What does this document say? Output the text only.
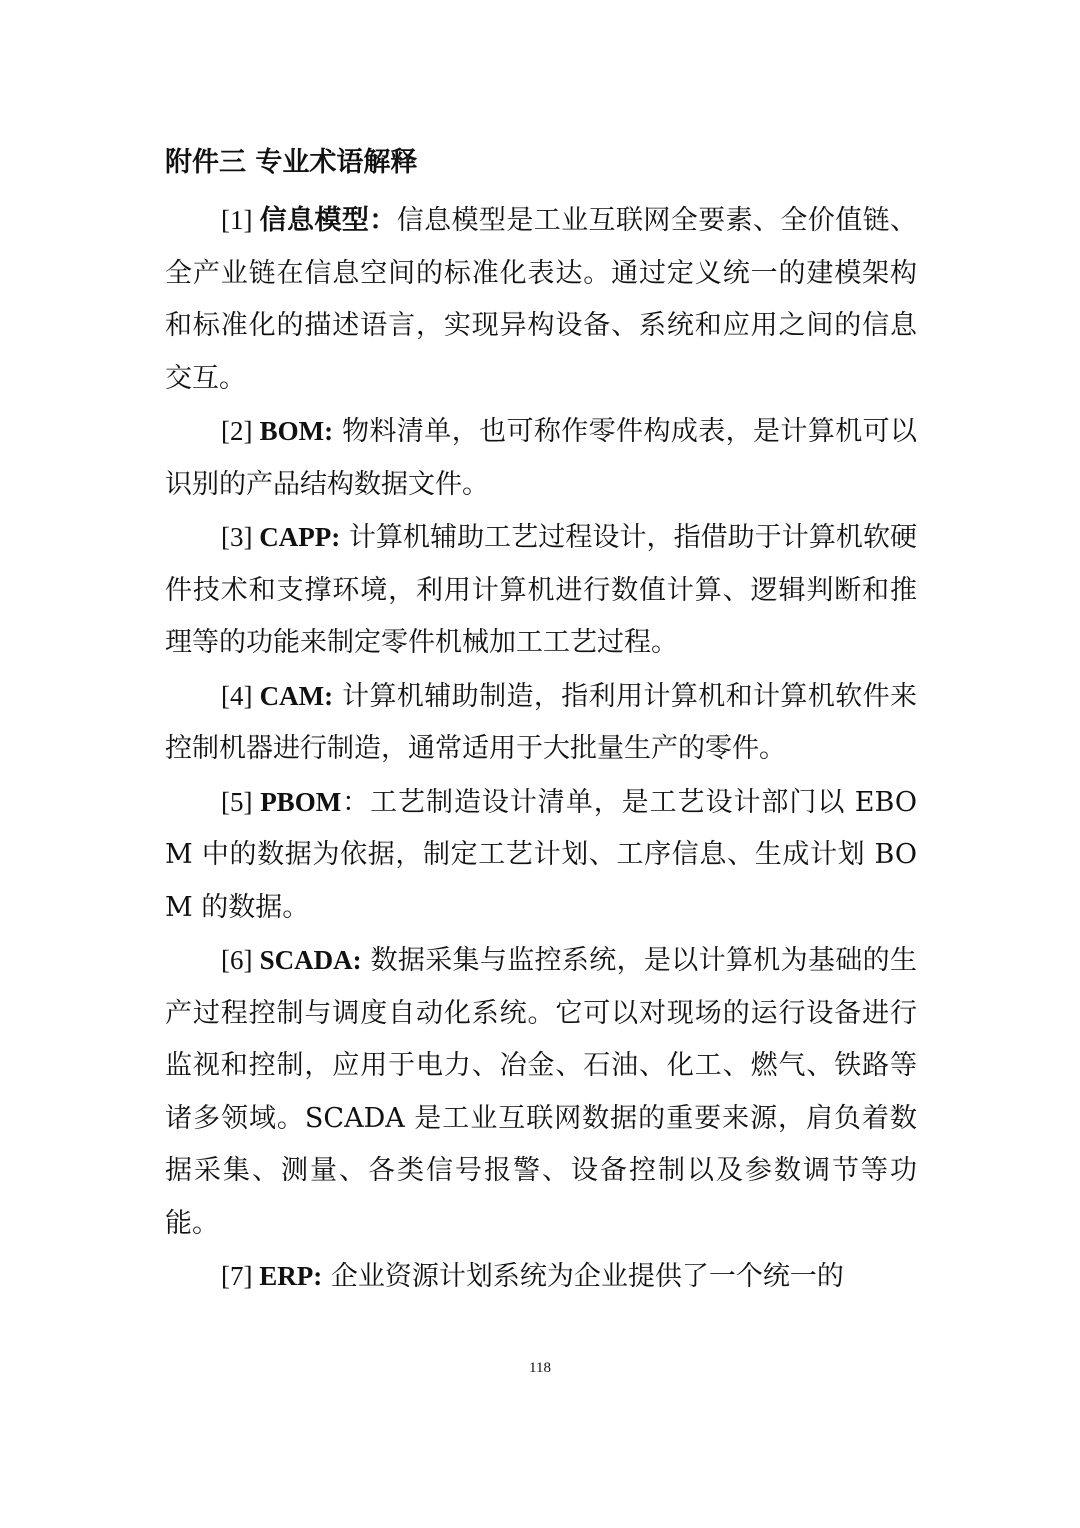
附件三 专业术语解释

[1] 信息模型：信息模型是工业互联网全要素、全价值链、全产业链在信息空间的标准化表达。通过定义统一的建模架构和标准化的描述语言，实现异构设备、系统和应用之间的信息交互。

[2] BOM: 物料清单，也可称作零件构成表，是计算机可以识别的产品结构数据文件。

[3] CAPP: 计算机辅助工艺过程设计，指借助于计算机软硬件技术和支撑环境，利用计算机进行数值计算、逻辑判断和推理等的功能来制定零件机械加工工艺过程。

[4] CAM: 计算机辅助制造，指利用计算机和计算机软件来控制机器进行制造，通常适用于大批量生产的零件。

[5] PBOM：工艺制造设计清单，是工艺设计部门以 EBOM 中的数据为依据，制定工艺计划、工序信息、生成计划 BOM 的数据。

[6] SCADA: 数据采集与监控系统，是以计算机为基础的生产过程控制与调度自动化系统。它可以对现场的运行设备进行监视和控制，应用于电力、冶金、石油、化工、燃气、铁路等诸多领域。SCADA 是工业互联网数据的重要来源，肩负着数据采集、测量、各类信号报警、设备控制以及参数调节等功能。

[7] ERP: 企业资源计划系统为企业提供了一个统一的

118
